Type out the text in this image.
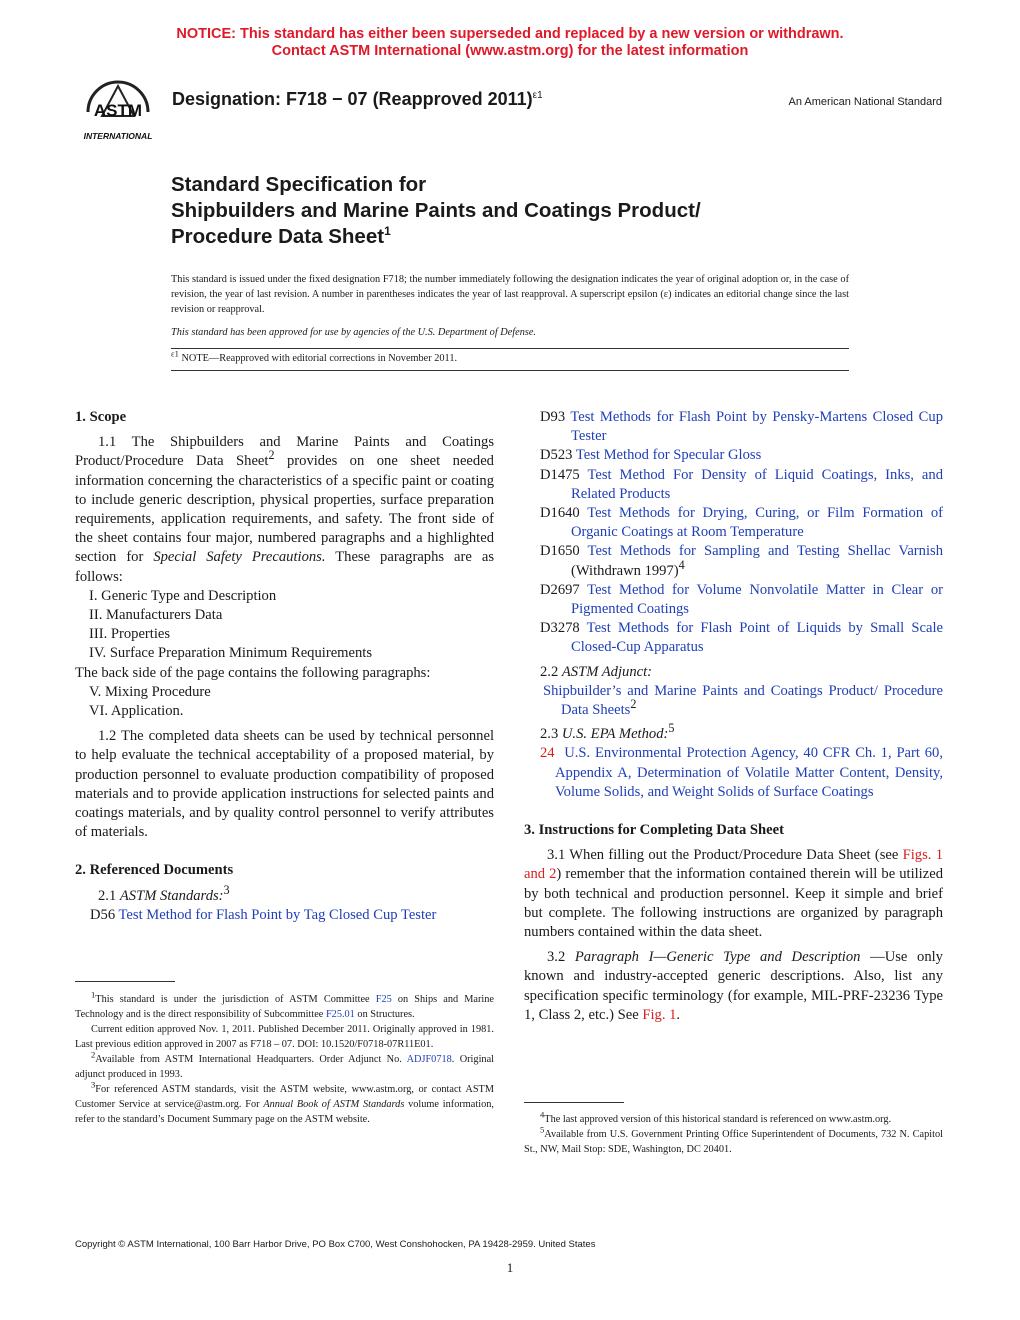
NOTICE: This standard has either been superseded and replaced by a new version or withdrawn.
Contact ASTM International (www.astm.org) for the latest information
ASTM
INTERNATIONAL
Designation: F718 − 07 (Reapproved 2011)$^{\varepsilon 1}$
An American National Standard
Standard Specification for
Shipbuilders and Marine Paints and Coatings Product/
Procedure Data Sheet$^1$
This standard is issued under the fixed designation F718; the number immediately following the designation indicates the year of original adoption or, in the case of revision, the year of last revision. A number in parentheses indicates the year of last reapproval. A superscript epsilon (ε) indicates an editorial change since the last revision or reapproval.
This standard has been approved for use by agencies of the U.S. Department of Defense.
$^{\varepsilon 1}$ NOTE—Reapproved with editorial corrections in November 2011.
1. Scope
1.1 The Shipbuilders and Marine Paints and Coatings Product/Procedure Data Sheet$^2$ provides on one sheet needed information concerning the characteristics of a specific paint or coating to include generic description, physical properties, surface preparation requirements, application requirements, and safety. The front side of the sheet contains four major, numbered paragraphs and a highlighted section for Special Safety Precautions. These paragraphs are as follows:
I. Generic Type and Description
II. Manufacturers Data
III. Properties
IV. Surface Preparation Minimum Requirements
The back side of the page contains the following paragraphs:
V. Mixing Procedure
VI. Application.
1.2 The completed data sheets can be used by technical personnel to help evaluate the technical acceptability of a proposed material, by production personnel to evaluate production compatibility of proposed materials and to provide application instructions for selected paints and coatings materials, and by quality control personnel to verify attributes of materials.
2. Referenced Documents
2.1 ASTM Standards:$^3$
D56 Test Method for Flash Point by Tag Closed Cup Tester
$^1$This standard is under the jurisdiction of ASTM Committee F25 on Ships and Marine Technology and is the direct responsibility of Subcommittee F25.01 on Structures.
Current edition approved Nov. 1, 2011. Published December 2011. Originally approved in 1981. Last previous edition approved in 2007 as F718 – 07. DOI: 10.1520/F0718-07R11E01.
$^2$Available from ASTM International Headquarters. Order Adjunct No. ADJF0718. Original adjunct produced in 1993.
$^3$For referenced ASTM standards, visit the ASTM website, www.astm.org, or contact ASTM Customer Service at service@astm.org. For Annual Book of ASTM Standards volume information, refer to the standard’s Document Summary page on the ASTM website.
D93 Test Methods for Flash Point by Pensky-Martens Closed Cup Tester
D523 Test Method for Specular Gloss
D1475 Test Method For Density of Liquid Coatings, Inks, and Related Products
D1640 Test Methods for Drying, Curing, or Film Formation of Organic Coatings at Room Temperature
D1650 Test Methods for Sampling and Testing Shellac Varnish (Withdrawn 1997)$^4$
D2697 Test Method for Volume Nonvolatile Matter in Clear or Pigmented Coatings
D3278 Test Methods for Flash Point of Liquids by Small Scale Closed-Cup Apparatus
2.2 ASTM Adjunct:
Shipbuilder’s and Marine Paints and Coatings Product/ Procedure Data Sheets$^2$
2.3 U.S. EPA Method:$^5$
24 U.S. Environmental Protection Agency, 40 CFR Ch. 1, Part 60, Appendix A, Determination of Volatile Matter Content, Density, Volume Solids, and Weight Solids of Surface Coatings
3. Instructions for Completing Data Sheet
3.1 When filling out the Product/Procedure Data Sheet (see Figs. 1 and 2) remember that the information contained therein will be utilized by both technical and production personnel. Keep it simple and brief but complete. The following instructions are organized by paragraph numbers contained within the data sheet.
3.2 Paragraph I—Generic Type and Description —Use only known and industry-accepted generic descriptions. Also, list any specification specific terminology (for example, MIL-PRF-23236 Type 1, Class 2, etc.) See Fig. 1.
$^4$The last approved version of this historical standard is referenced on www.astm.org.
$^5$Available from U.S. Government Printing Office Superintendent of Documents, 732 N. Capitol St., NW, Mail Stop: SDE, Washington, DC 20401.
Copyright © ASTM International, 100 Barr Harbor Drive, PO Box C700, West Conshohocken, PA 19428-2959. United States
1
